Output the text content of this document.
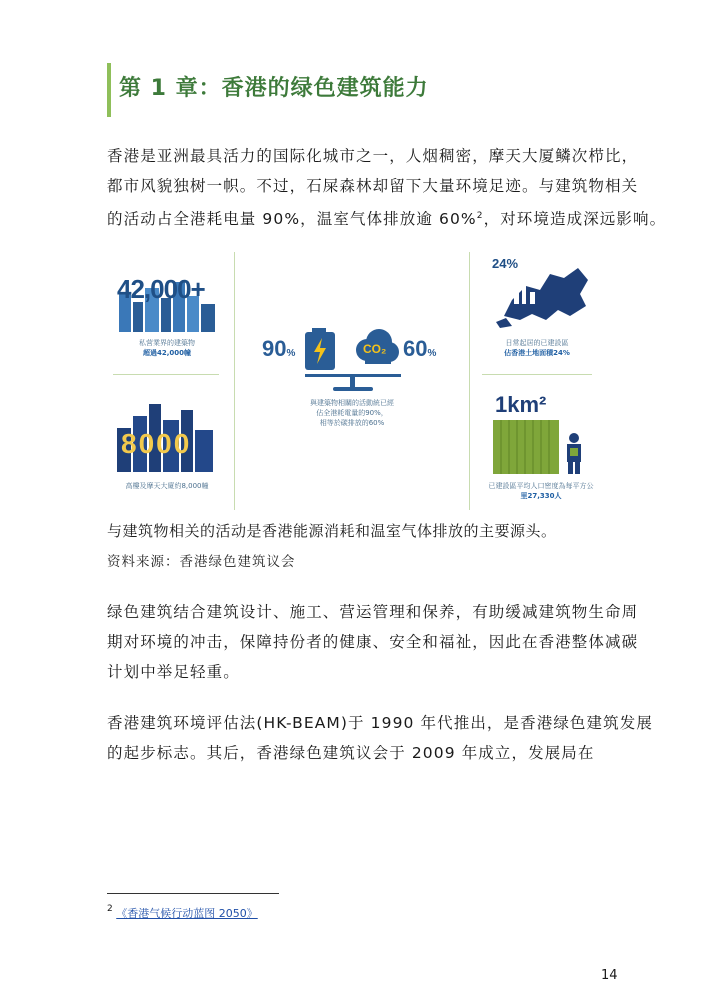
第 1 章：香港的绿色建筑能力
香港是亚洲最具活力的国际化城市之一，人烟稠密，摩天大厦鳞次栉比，
都市风貌独树一帜。不过，石屎森林却留下大量环境足迹。与建筑物相关
的活动占全港耗电量 90%，温室气体排放逾 60%$^2$，对环境造成深远影响。
42,000+
私营業界的建築物
超過42,000幢
8000
高樓及摩天大廈約8,000幢
90%	CO₂ 60%
與建築物相關的活動統已經
佔全港耗電量的90%，
相等於碳排放的60%
24%
日常起居的已建設區
佔香港土地面積24%
1km²
已建設區平均人口密度為每平方公
里27,330人
与建筑物相关的活动是香港能源消耗和温室气体排放的主要源头。
资料来源：香港绿色建筑议会
绿色建筑结合建筑设计、施工、营运管理和保养，有助缓减建筑物生命周
期对环境的冲击，保障持份者的健康、安全和福祉，因此在香港整体减碳
计划中举足轻重。
香港建筑环境评估法(HK-BEAM)于 1990 年代推出，是香港绿色建筑发展
的起步标志。其后，香港绿色建筑议会于 2009 年成立，发展局在
$^2$ 《香港气候行动蓝图 2050》
14
